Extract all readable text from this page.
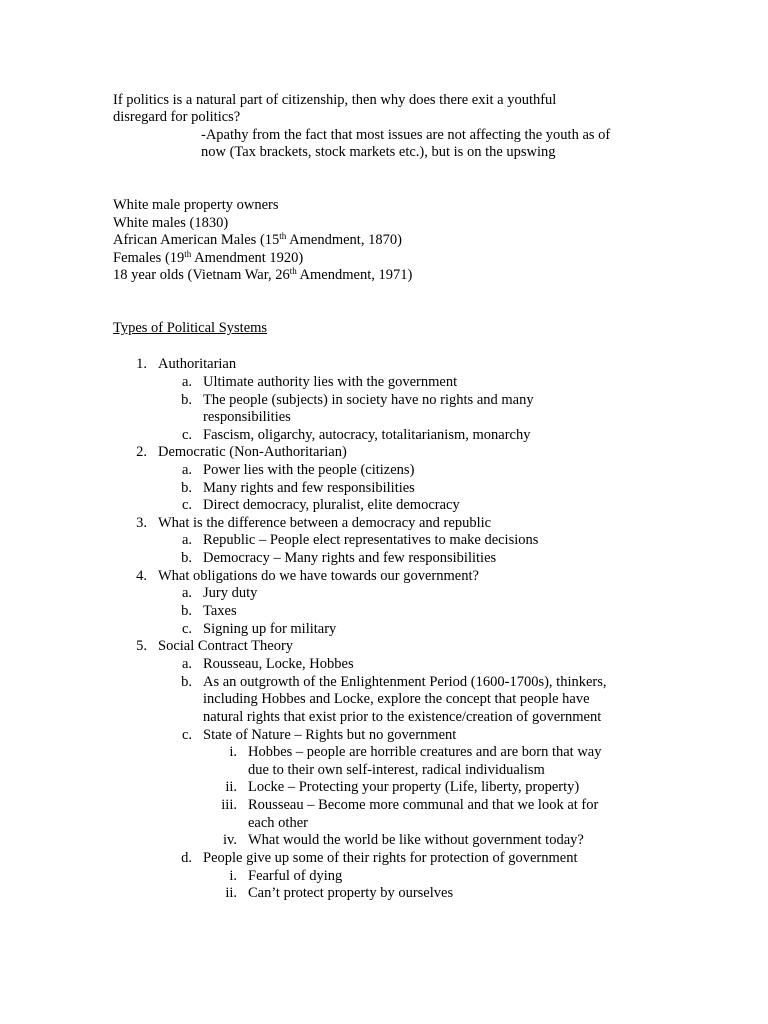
If politics is a natural part of citizenship, then why does there exit a youthful
disregard for politics?
-Apathy from the fact that most issues are not affecting the youth as of
now (Tax brackets, stock markets etc.), but is on the upswing
White male property owners
White males (1830)
African American Males (15th Amendment, 1870)
Females (19th Amendment 1920)
18 year olds (Vietnam War, 26th Amendment, 1971)
Types of Political Systems
1. Authoritarian
a. Ultimate authority lies with the government
b. The people (subjects) in society have no rights and many
responsibilities
c. Fascism, oligarchy, autocracy, totalitarianism, monarchy
2. Democratic (Non-Authoritarian)
a. Power lies with the people (citizens)
b. Many rights and few responsibilities
c. Direct democracy, pluralist, elite democracy
3. What is the difference between a democracy and republic
a. Republic – People elect representatives to make decisions
b. Democracy – Many rights and few responsibilities
4. What obligations do we have towards our government?
a. Jury duty
b. Taxes
c. Signing up for military
5. Social Contract Theory
a. Rousseau, Locke, Hobbes
b. As an outgrowth of the Enlightenment Period (1600-1700s), thinkers,
including Hobbes and Locke, explore the concept that people have
natural rights that exist prior to the existence/creation of government
c. State of Nature – Rights but no government
i. Hobbes – people are horrible creatures and are born that way
due to their own self-interest, radical individualism
ii. Locke – Protecting your property (Life, liberty, property)
iii. Rousseau – Become more communal and that we look at for
each other
iv. What would the world be like without government today?
d. People give up some of their rights for protection of government
i. Fearful of dying
ii. Can’t protect property by ourselves
